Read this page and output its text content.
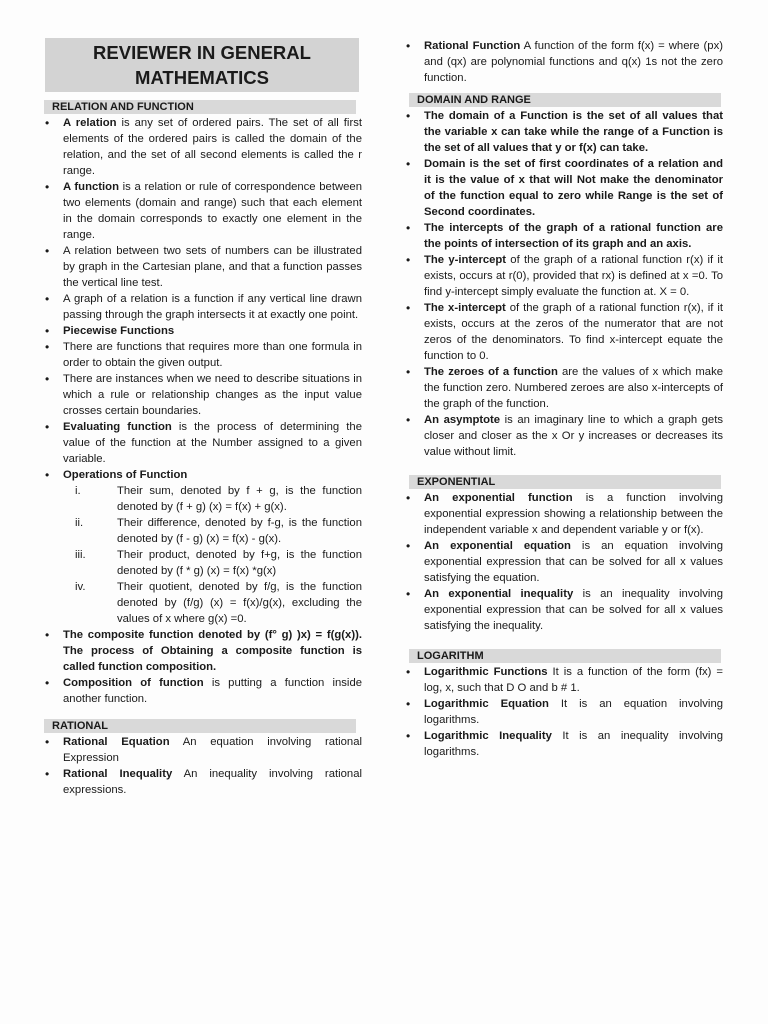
REVIEWER IN GENERAL MATHEMATICS
RELATION AND FUNCTION
• A relation is any set of ordered pairs. The set of all first elements of the ordered pairs is called the domain of the relation, and the set of all second elements is called the r range.
• A function is a relation or rule of correspondence between two elements (domain and range) such that each element in the domain corresponds to exactly one element in the range.
• A relation between two sets of numbers can be illustrated by graph in the Cartesian plane, and that a function passes the vertical line test.
• A graph of a relation is a function if any vertical line drawn passing through the graph intersects it at exactly one point.
• Piecewise Functions
• There are functions that requires more than one formula in order to obtain the given output.
• There are instances when we need to describe situations in which a rule or relationship changes as the input value crosses certain boundaries.
• Evaluating function is the process of determining the value of the function at the Number assigned to a given variable.
• Operations of Function
i.	Their sum, denoted by f + g, is the function denoted by (f + g) (x) = f(x) + g(x).
ii.	Their difference, denoted by f-g, is the function denoted by (f - g) (x) = f(x) - g(x).
iii.	Their product, denoted by f+g, is the function denoted by (f * g) (x) = f(x) *g(x)
iv.	Their quotient, denoted by f/g, is the function denoted by (f/g) (x) = f(x)/g(x), excluding the values of x where g(x) =0.
• The composite function denoted by (f° g) )x) = f(g(x)). The process of Obtaining a composite function is called function composition.
• Composition of function is putting a function inside another function.
RATIONAL
• Rational Equation An equation involving rational Expression
• Rational Inequality An inequality involving rational expressions.
• Rational Function A function of the form f(x) = where (px) and (qx) are polynomial functions and q(x) 1s not the zero function.
DOMAIN AND RANGE
• The domain of a Function is the set of all values that the variable x can take while the range of a Function is the set of all values that y or f(x) can take.
• Domain is the set of first coordinates of a relation and it is the value of x that will Not make the denominator of the function equal to zero while Range is the set of Second coordinates.
• The intercepts of the graph of a rational function are the points of intersection of its graph and an axis.
• The y-intercept of the graph of a rational function r(x) if it exists, occurs at r(0), provided that rx) is defined at x =0. To find y-intercept simply evaluate the function at. X = 0.
• The x-intercept of the graph of a rational function r(x), if it exists, occurs at the zeros of the numerator that are not zeros of the denominators. To find x-intercept equate the function to 0.
• The zeroes of a function are the values of x which make the function zero. Numbered zeroes are also x-intercepts of the graph of the function.
• An asymptote is an imaginary line to which a graph gets closer and closer as the x Or y increases or decreases its value without limit.
EXPONENTIAL
• An exponential function is a function involving exponential expression showing a relationship between the independent variable x and dependent variable y or f(x).
• An exponential equation is an equation involving exponential expression that can be solved for all x values satisfying the equation.
• An exponential inequality is an inequality involving exponential expression that can be solved for all x values satisfying the inequality.
LOGARITHM
• Logarithmic Functions It is a function of the form (fx) = log, x, such that D O and b # 1.
• Logarithmic Equation It is an equation involving logarithms.
• Logarithmic Inequality It is an inequality involving logarithms.
